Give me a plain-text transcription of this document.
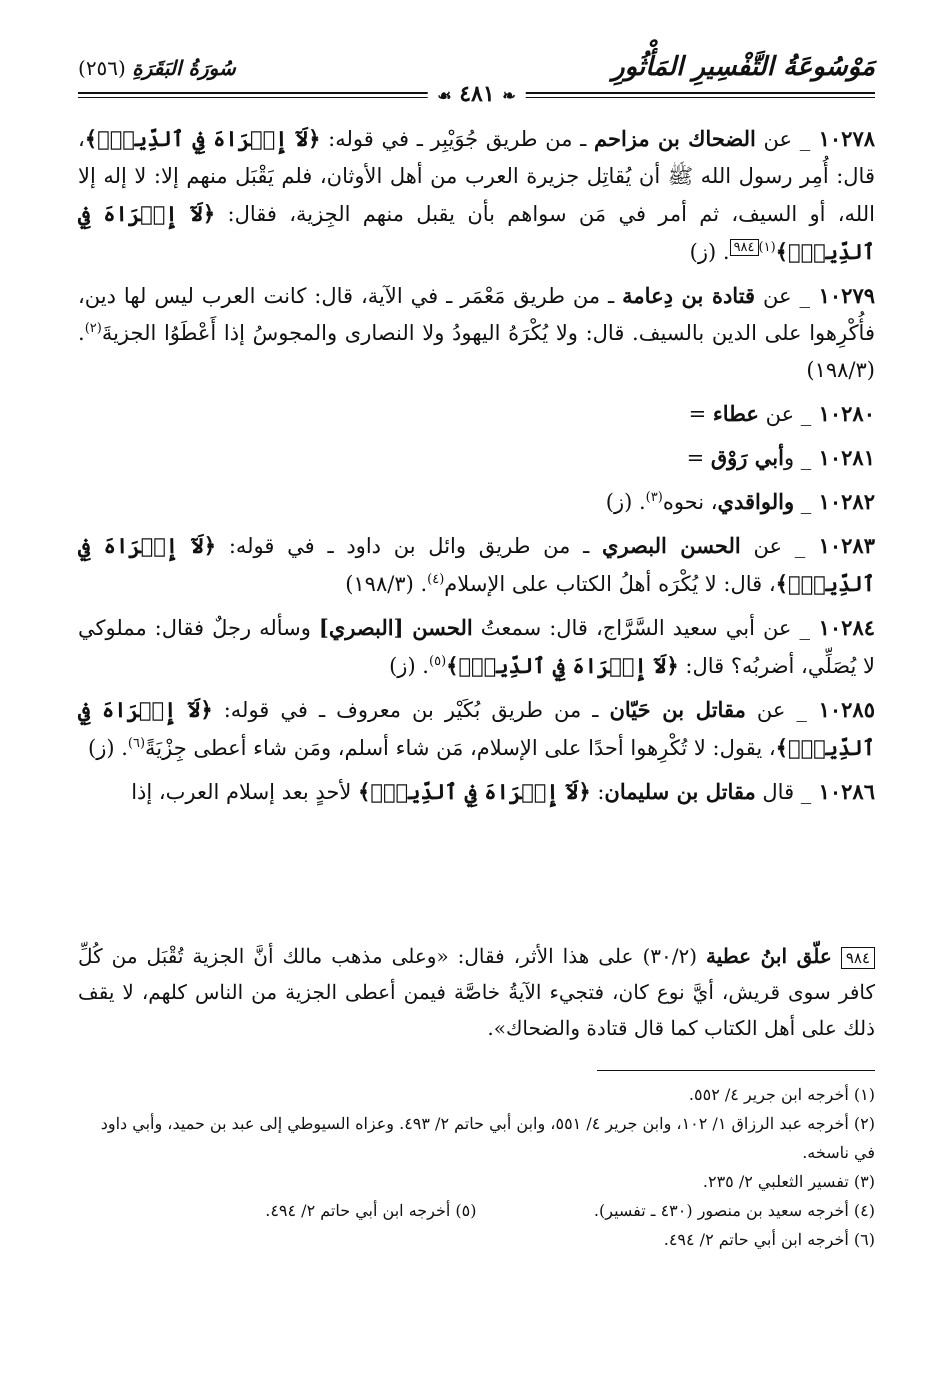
مَوْسُوعَةُ التَّفْسِيرِ المَأْثُورِ
سُورَةُ البَقَرَةِ (٢٥٦)
❧ ٤٨١ ☙

١٠٢٧٨ _ عن الضحاك بن مزاحم ـ من طريق جُوَيْبِر ـ في قوله: ﴿لَآ إِكۡرَاهَ فِي ٱلدِّينِۖ﴾، قال: أُمِر رسول الله ﷺ أن يُقاتِل جزيرة العرب من أهل الأوثان، فلم يَقْبَل منهم إلا: لا إله إلا الله، أو السيف، ثم أمر في مَن سواهم بأن يقبل منهم الجِزية، فقال: ﴿لَآ إِكۡرَاهَ فِي ٱلدِّينِۖ﴾$^{(١)}$٩٨٤. (ز)

١٠٢٧٩ _ عن قتادة بن دِعامة ـ من طريق مَعْمَر ـ في الآية، قال: كانت العرب ليس لها دين، فأُكْرِهوا على الدين بالسيف. قال: ولا يُكْرَهُ اليهودُ ولا النصارى والمجوسُ إذا أَعْطَوُا الجزيةَ$^{(٢)}$. (١٩٨/٣)

١٠٢٨٠ _ عن عطاء =

١٠٢٨١ _ وأبي رَوْق =

١٠٢٨٢ _ والواقدي، نحوه$^{(٣)}$. (ز)

١٠٢٨٣ _ عن الحسن البصري ـ من طريق وائل بن داود ـ في قوله: ﴿لَآ إِكۡرَاهَ فِي ٱلدِّينِۖ﴾، قال: لا يُكْرَه أهلُ الكتاب على الإسلام$^{(٤)}$. (١٩٨/٣)

١٠٢٨٤ _ عن أبي سعيد السَّرَّاج، قال: سمعتُ الحسن [البصري] وسأله رجلٌ فقال: مملوكي لا يُصَلِّي، أضربُه؟ قال: ﴿لَآ إِكۡرَاهَ فِي ٱلدِّينِۖ﴾$^{(٥)}$. (ز)

١٠٢٨٥ _ عن مقاتل بن حَيّان ـ من طريق بُكَيْر بن معروف ـ في قوله: ﴿لَآ إِكۡرَاهَ فِي ٱلدِّينِۖ﴾، يقول: لا تُكْرِهوا أحدًا على الإسلام، مَن شاء أسلم، ومَن شاء أعطى جِزْيَةً$^{(٦)}$. (ز)

١٠٢٨٦ _ قال مقاتل بن سليمان: ﴿لَآ إِكۡرَاهَ فِي ٱلدِّينِۖ﴾ لأحدٍ بعد إسلام العرب، إذا

٩٨٤ علّق ابنُ عطية (٣٠/٢) على هذا الأثر، فقال: «وعلى مذهب مالك أنَّ الجزية تُقْبَل من كُلِّ كافر سوى قريش، أيَّ نوع كان، فتجيء الآيةُ خاصَّة فيمن أعطى الجزية من الناس كلهم، لا يقف ذلك على أهل الكتاب كما قال قتادة والضحاك».

(١) أخرجه ابن جرير ٤/ ٥٥٢.

(٢) أخرجه عبد الرزاق ١/ ١٠٢، وابن جرير ٤/ ٥٥١، وابن أبي حاتم ٢/ ٤٩٣. وعزاه السيوطي إلى عبد بن حميد، وأبي داود في ناسخه.

(٣) تفسير الثعلبي ٢/ ٢٣٥.

(٤) أخرجه سعيد بن منصور (٤٣٠ ـ تفسير).

(٥) أخرجه ابن أبي حاتم ٢/ ٤٩٤.

(٦) أخرجه ابن أبي حاتم ٢/ ٤٩٤.
